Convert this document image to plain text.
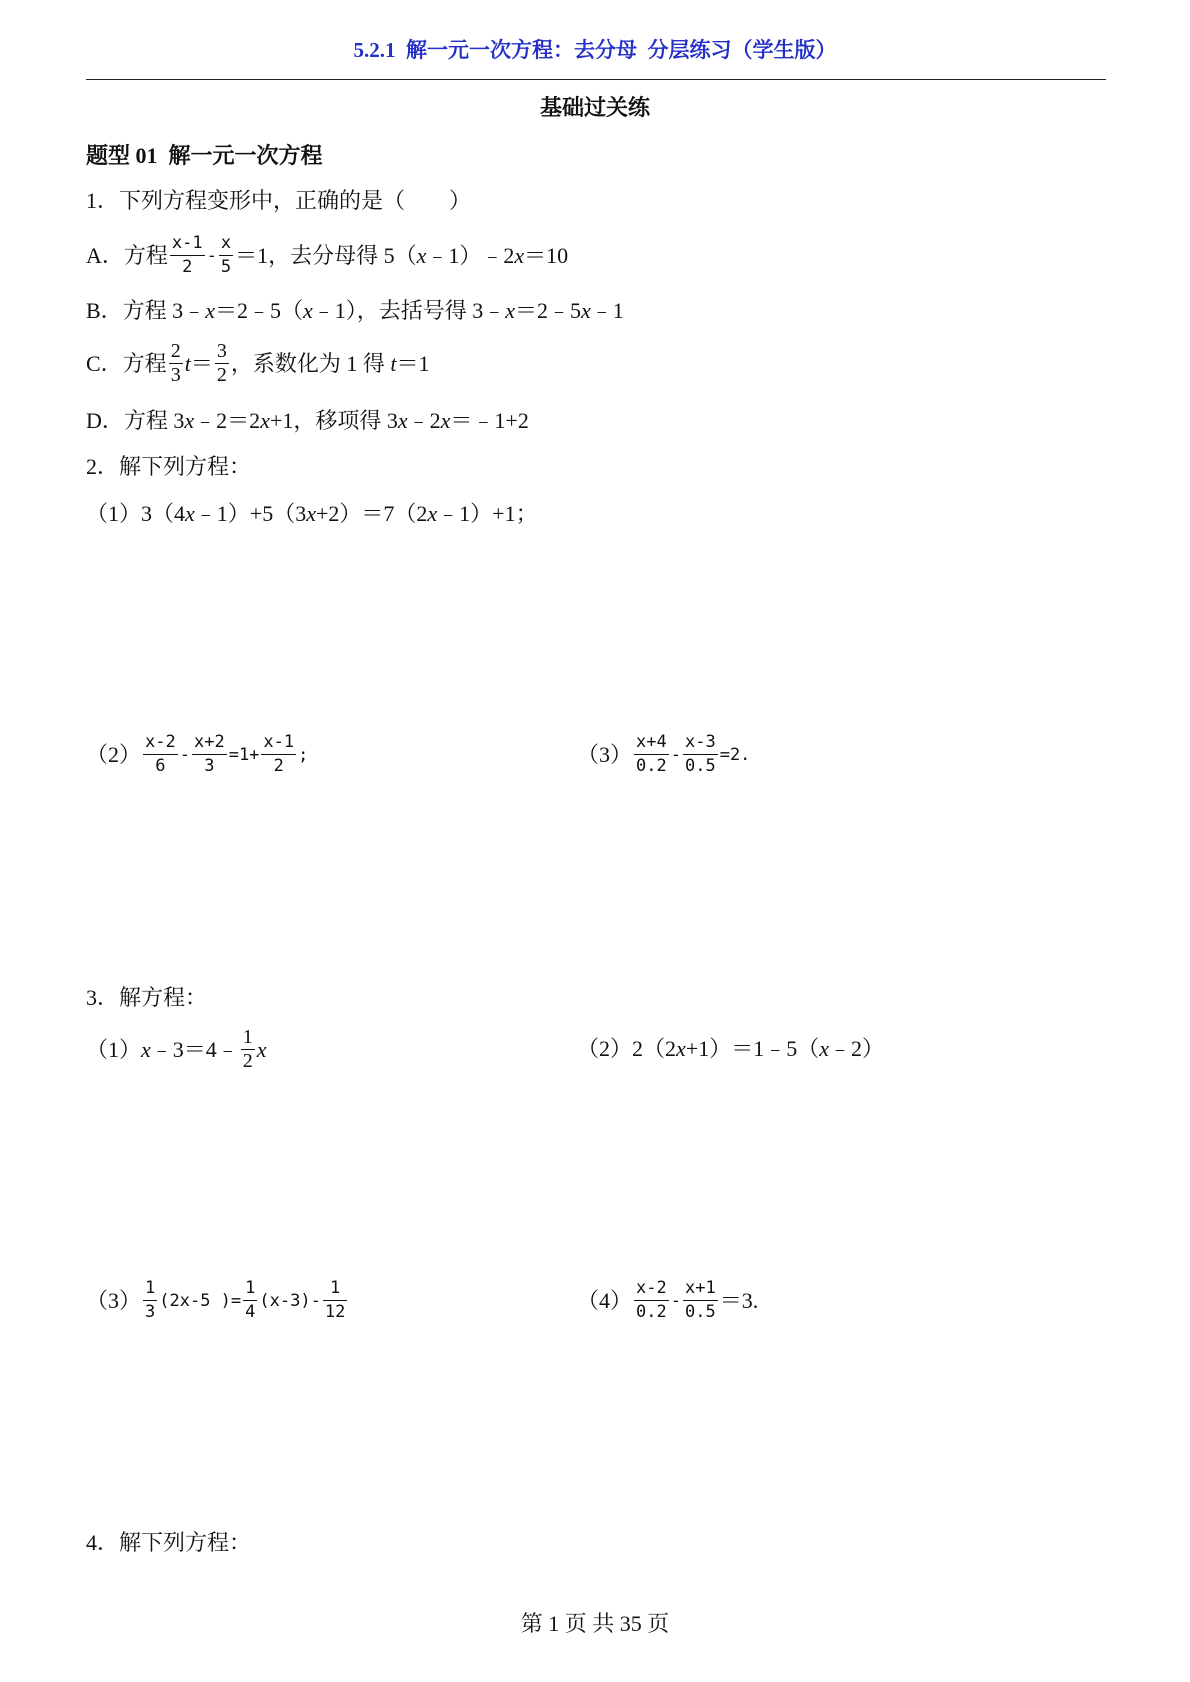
5.2.1  解一元一次方程：去分母  分层练习（学生版）
基础过关练
题型 01  解一元一次方程
1．下列方程变形中，正确的是（　　）
A．方程 $\frac{x-1}{2} - \frac{x}{5} =1$，去分母得 5（ x ﹣1）﹣2 x ＝10
B．方程 3﹣ x ＝2﹣5（ x ﹣1），去括号得 3﹣ x ＝2﹣5 x ﹣1
C．方程 $\frac{2}{3}$ $t = \frac{3}{2}$ ，系数化为 1 得 t ＝1
D．方程 3 x ﹣2＝2 x +1，移项得 3 x ﹣2 x ＝﹣1+2
2．解下列方程：
（1）3（4 x ﹣1）+5（3 x +2）＝7（2 x ﹣1）+1；
$(2) \frac{x-2}{6} - \frac{x+2}{3} =1+ \frac{x-1}{2}$ ;	$(3) \frac{x+4}{0.2} - \frac{x-3}{0.5} =2$.
3．解方程：
（1） x ﹣3＝4﹣ $\frac{1}{2}$ x	（2）2（2 x +1）＝1﹣5（ x ﹣2）
$(3) \frac{1}{3} (2x-5$ )= $\frac{1}{4} (x-3)- \frac{1}{12}$	$(4) \frac{x-2}{0.2} - \frac{x+1}{0.5} =3$.
4．解下列方程：
第 1 页 共 35 页
